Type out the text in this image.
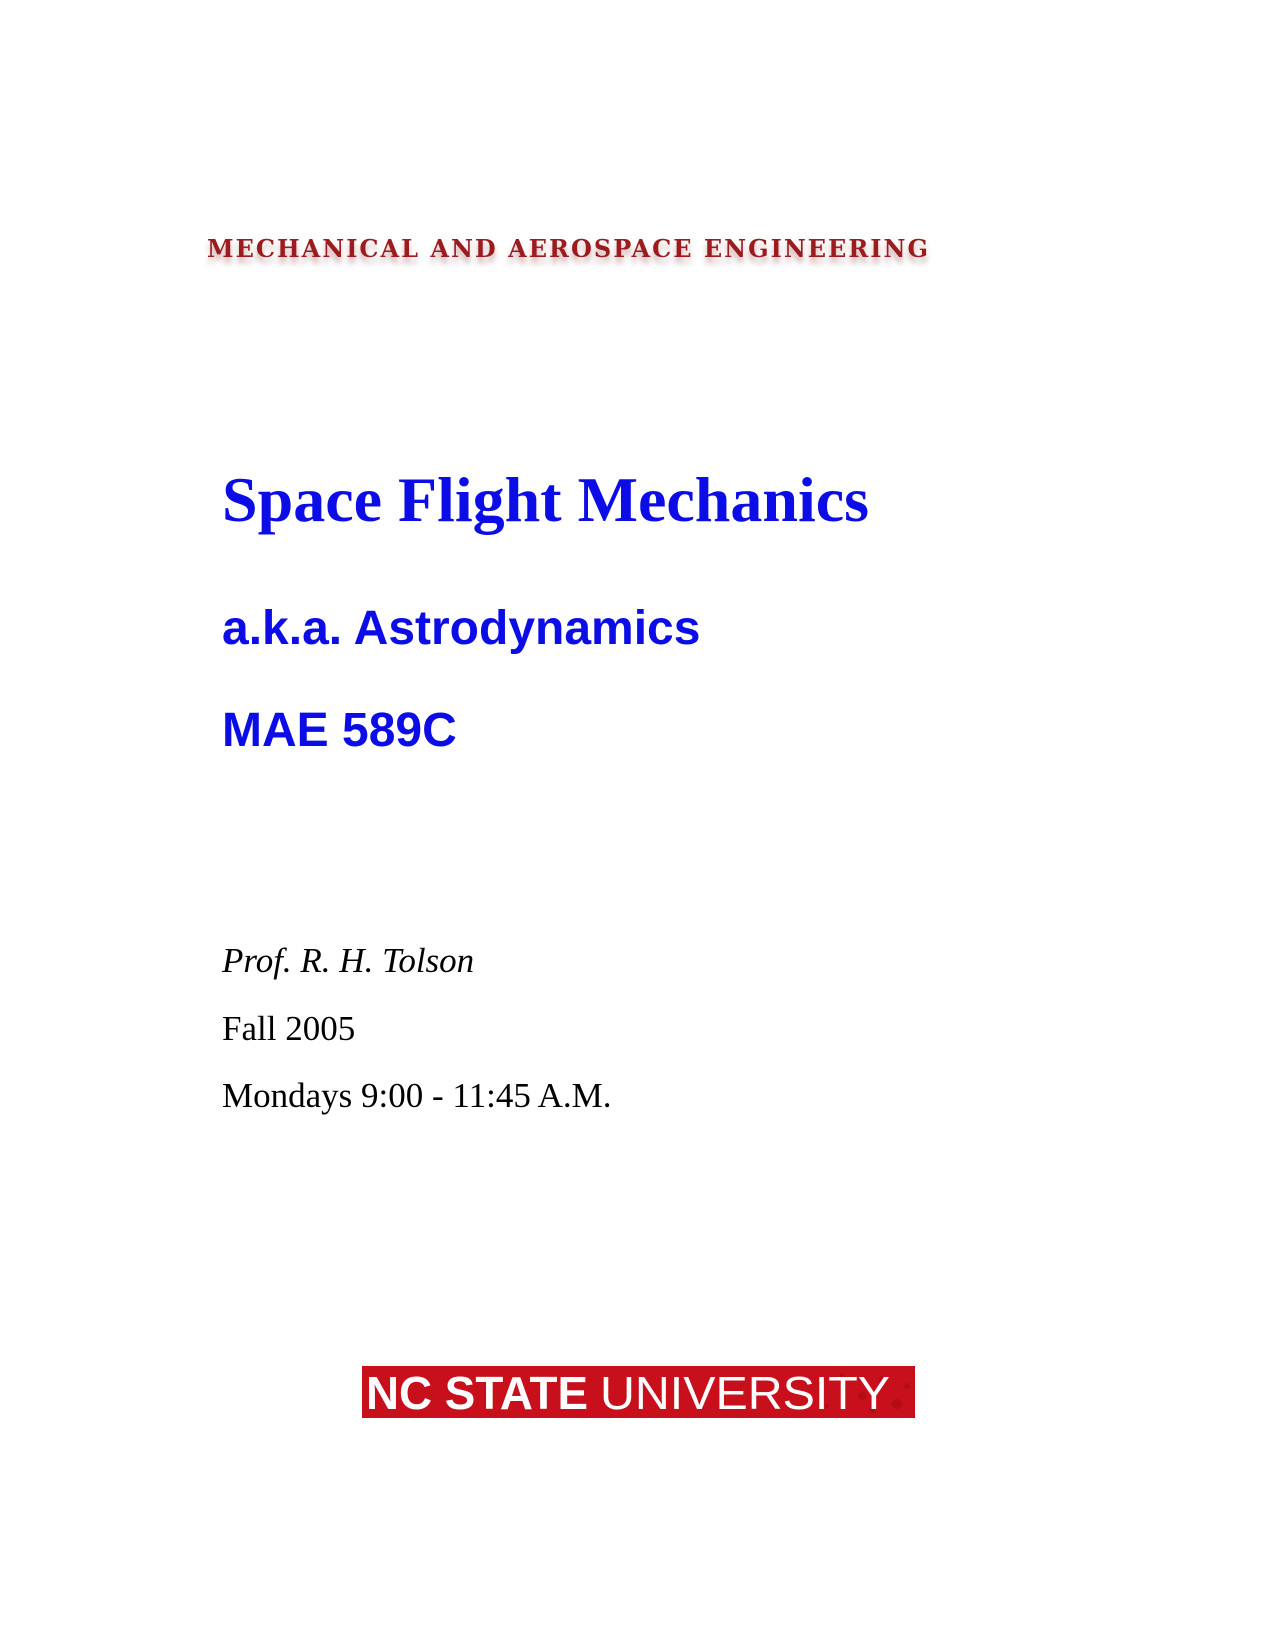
MECHANICAL AND AEROSPACE ENGINEERING
Space Flight Mechanics
a.k.a. Astrodynamics
MAE 589C
Prof. R. H. Tolson
Fall 2005
Mondays 9:00 - 11:45 A.M.
NC STATE UNIVERSITY
